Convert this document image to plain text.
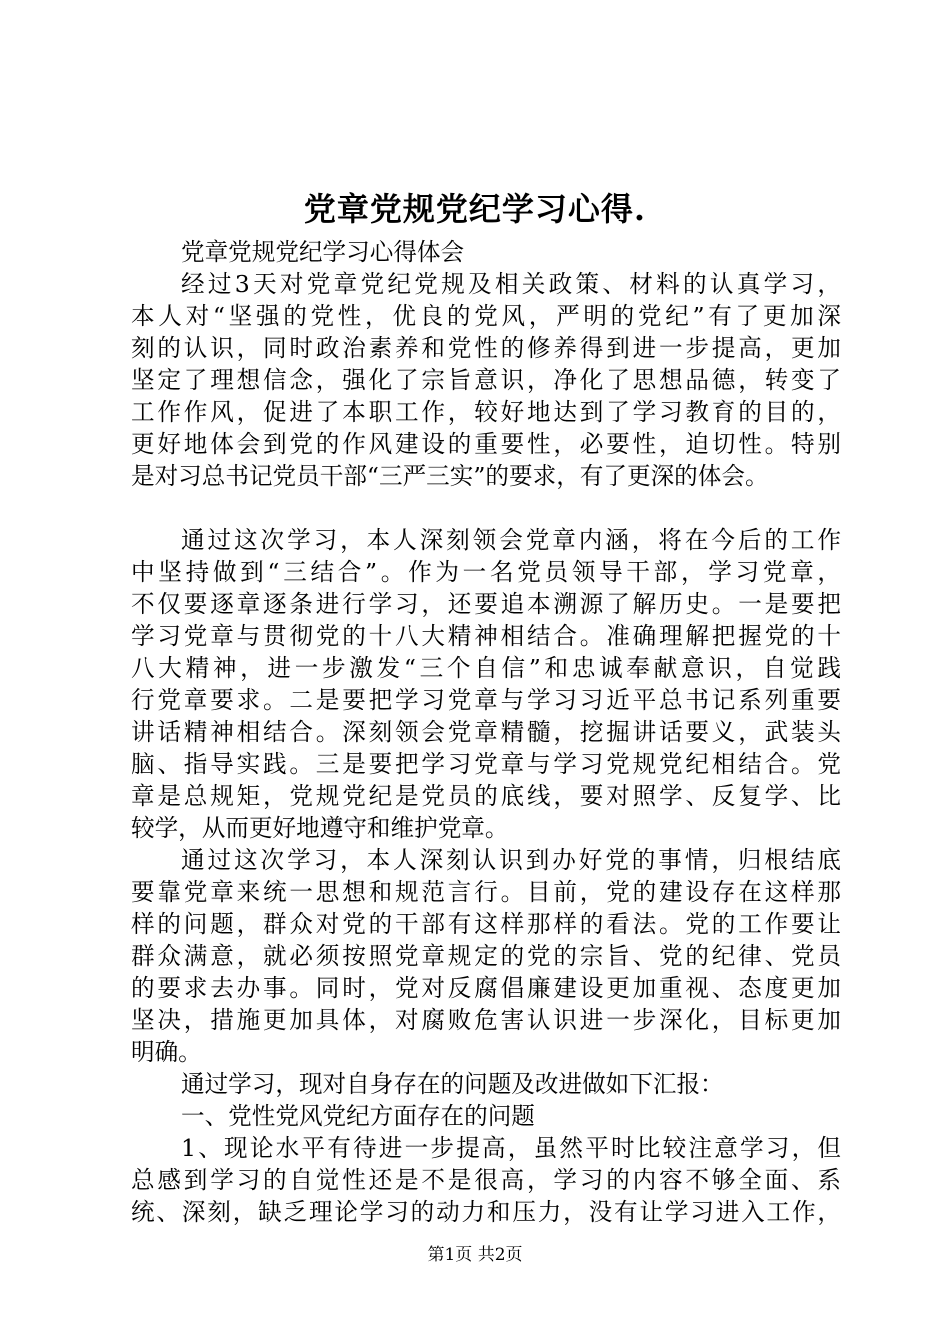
党章党规党纪学习心得.
党章党规党纪学习心得体会
经过3天对党章党纪党规及相关政策、材料的认真学习，
本人对“坚强的党性，优良的党风，严明的党纪”有了更加深
刻的认识，同时政治素养和党性的修养得到进一步提高，更加
坚定了理想信念，强化了宗旨意识，净化了思想品德，转变了
工作作风，促进了本职工作，较好地达到了学习教育的目的，
更好地体会到党的作风建设的重要性，必要性，迫切性。特别
是对习总书记党员干部“三严三实”的要求，有了更深的体会。
通过这次学习，本人深刻领会党章内涵，将在今后的工作
中坚持做到“三结合”。作为一名党员领导干部，学习党章，
不仅要逐章逐条进行学习，还要追本溯源了解历史。一是要把
学习党章与贯彻党的十八大精神相结合。准确理解把握党的十
八大精神，进一步激发“三个自信”和忠诚奉献意识，自觉践
行党章要求。二是要把学习党章与学习习近平总书记系列重要
讲话精神相结合。深刻领会党章精髓，挖掘讲话要义，武装头
脑、指导实践。三是要把学习党章与学习党规党纪相结合。党
章是总规矩，党规党纪是党员的底线，要对照学、反复学、比
较学，从而更好地遵守和维护党章。
通过这次学习，本人深刻认识到办好党的事情，归根结底
要靠党章来统一思想和规范言行。目前，党的建设存在这样那
样的问题，群众对党的干部有这样那样的看法。党的工作要让
群众满意，就必须按照党章规定的党的宗旨、党的纪律、党员
的要求去办事。同时，党对反腐倡廉建设更加重视、态度更加
坚决，措施更加具体，对腐败危害认识进一步深化，目标更加
明确。
通过学习，现对自身存在的问题及改进做如下汇报：
一、党性党风党纪方面存在的问题
1、现论水平有待进一步提高，虽然平时比较注意学习，但
总感到学习的自觉性还是不是很高，学习的内容不够全面、系
统、深刻，缺乏理论学习的动力和压力，没有让学习进入工作，
第1页 共2页
